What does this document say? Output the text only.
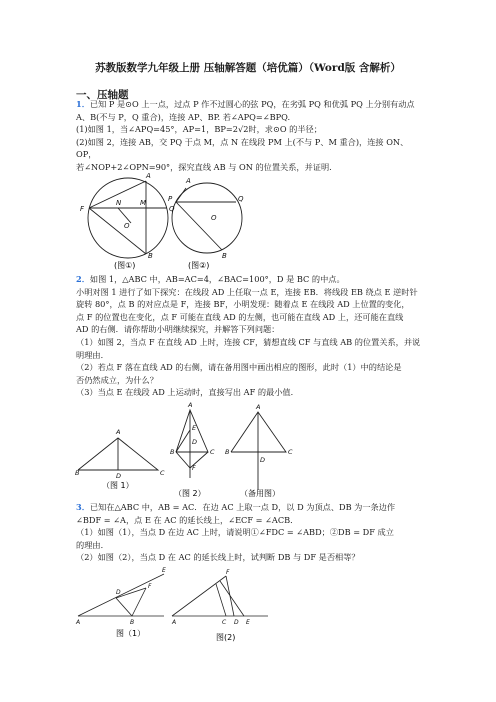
苏教版数学九年级上册 压轴解答题（培优篇）（Word版 含解析）
一、压轴题
1．已知 P 是⊙O 上一点，过点 P 作不过圆心的弦 PQ，在劣弧 PQ 和优弧 PQ 上分别有动点
A、B(不与 P，Q 重合)，连接 AP、BP. 若∠APQ=∠BPQ.
(1)如图 1，当∠APQ=45°，AP=1，BP=2√2时，求⊙O 的半径；
(2)如图 2，连接 AB，交 PQ 于点 M，点 N 在线段 PM 上(不与 P、M 重合)，连接 ON、OP，
若∠NOP+2∠OPN=90°，探究直线 AB 与 ON 的位置关系，并证明.
A
F
N	M
Q
O
B
A
P	Q
O
B
(图①)	(图②)
2．如图 1，△ABC 中，AB=AC=4，∠BAC=100°，D 是 BC 的中点。
小明对图 1 进行了如下探究：在线段 AD 上任取一点 E，连接 EB．将线段 EB 绕点 E 逆时针
旋转 80°，点 B 的对应点是 F，连接 BF，小明发现：随着点 E 在线段 AD 上位置的变化，
点 F 的位置也在变化，点 F 可能在直线 AD 的左侧，也可能在直线 AD 上，还可能在直线
AD 的右侧．请你帮助小明继续探究，并解答下列问题：
（1）如图 2，当点 F 在直线 AD 上时，连接 CF，猜想直线 CF 与直线 AB 的位置关系，并说
明理由．
（2）若点 F 落在直线 AD 的右侧，请在备用图中画出相应的图形，此时（1）中的结论是
否仍然成立，为什么？
（3）当点 E 在线段 AD 上运动时，直接写出 AF 的最小值．
A
B	D	C
A
E
D
B	C
F
A
B
D
C
（图 1）
（图 2）	（备用图）
3．已知在△ABC 中，AB = AC．在边 AC 上取一点 D，以 D 为顶点、DB 为一条边作
∠BDF = ∠A，点 E 在 AC 的延长线上，∠ECF = ∠ACB．
（1）如图（1），当点 D 在边 AC 上时，请说明①∠FDC = ∠ABD；②DB = DF 成立
的理由．
（2）如图（2），当点 D 在 AC 的延长线上时，试判断 DB 与 DF 是否相等？
A
D
B
F
E
A
F
C D E
图（1）	图(2)
